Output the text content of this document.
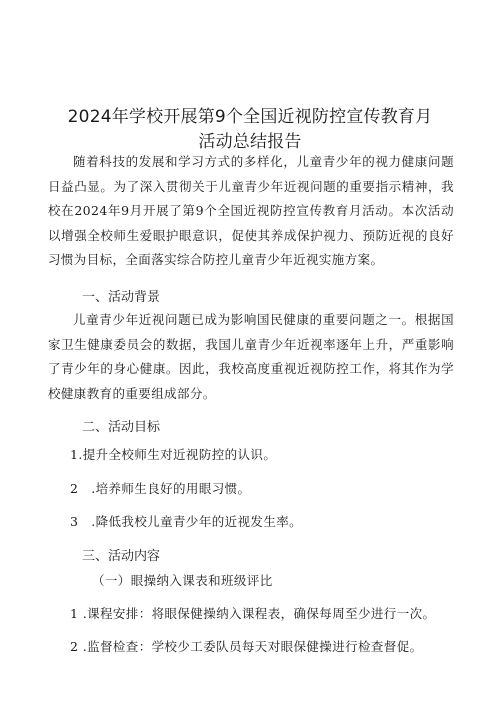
2024年学校开展第9个全国近视防控宣传教育月
活动总结报告

随着科技的发展和学习方式的多样化，儿童青少年的视力健康问题日益凸显。为了深入贯彻关于儿童青少年近视问题的重要指示精神，我校在2024年9月开展了第9个全国近视防控宣传教育月活动。本次活动以增强全校师生爱眼护眼意识，促使其养成保护视力、预防近视的良好习惯为目标，全面落实综合防控儿童青少年近视实施方案。

一、活动背景

儿童青少年近视问题已成为影响国民健康的重要问题之一。根据国家卫生健康委员会的数据，我国儿童青少年近视率逐年上升，严重影响了青少年的身心健康。因此，我校高度重视近视防控工作，将其作为学校健康教育的重要组成部分。

二、活动目标

1.提升全校师生对近视防控的认识。

2　.培养师生良好的用眼习惯。

3　.降低我校儿童青少年的近视发生率。

三、活动内容

（一）眼操纳入课表和班级评比

1 .课程安排：将眼保健操纳入课程表，确保每周至少进行一次。

2 .监督检查：学校少工委队员每天对眼保健操进行检查督促。
